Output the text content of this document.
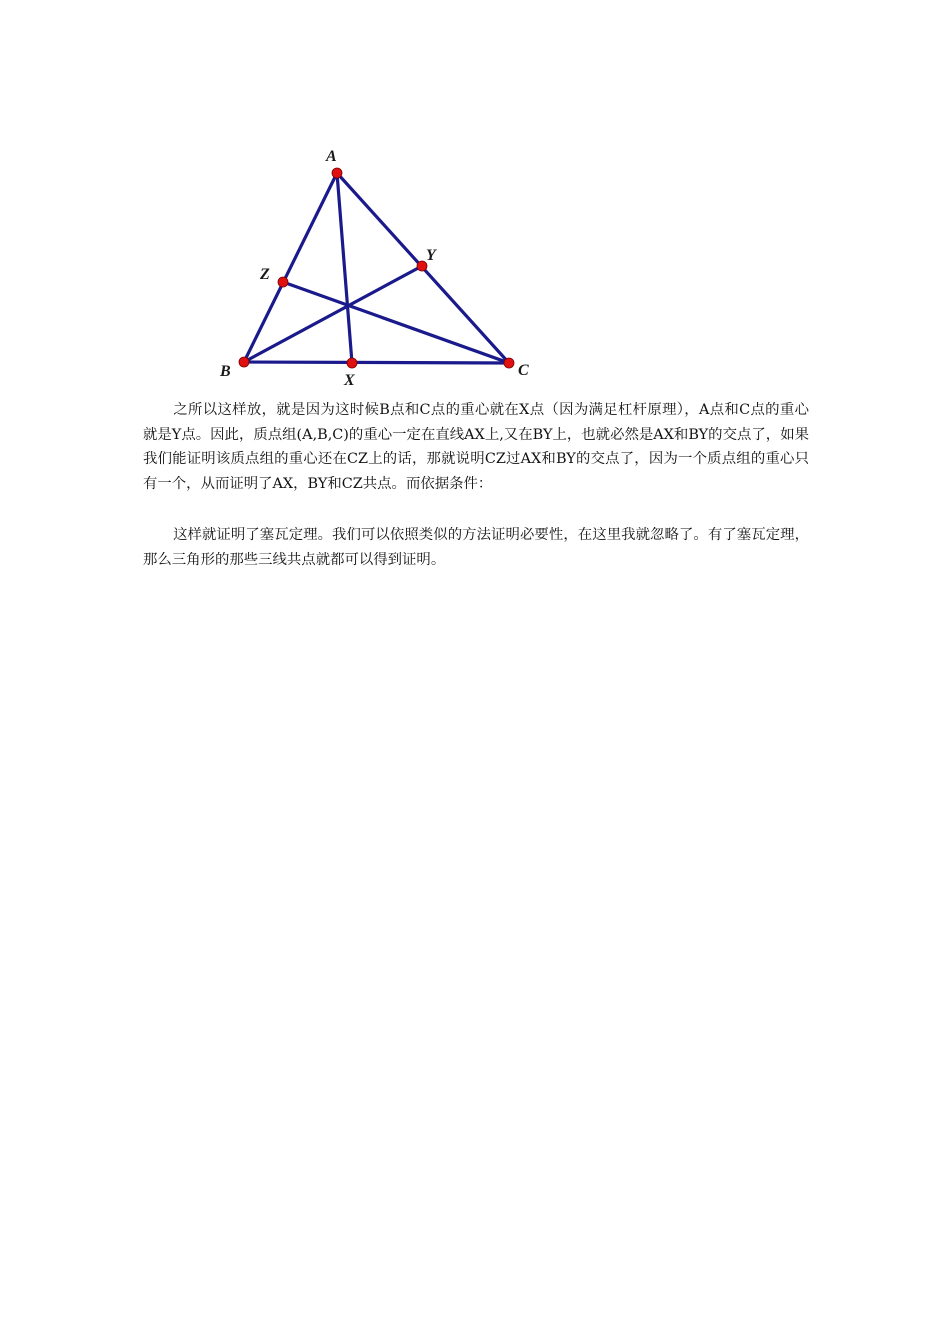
A
B	C
X
Y
Z

之所以这样放，就是因为这时候B点和C点的重心就在X点（因为满足杠杆原理），A点和C点的重心就是Y点。因此，质点组(A,B,C)的重心一定在直线AX上,又在BY上，也就必然是AX和BY的交点了，如果我们能证明该质点组的重心还在CZ上的话，那就说明CZ过AX和BY的交点了，因为一个质点组的重心只有一个，从而证明了AX，BY和CZ共点。而依据条件：

这样就证明了塞瓦定理。我们可以依照类似的方法证明必要性，在这里我就忽略了。有了塞瓦定理，那么三角形的那些三线共点就都可以得到证明。
